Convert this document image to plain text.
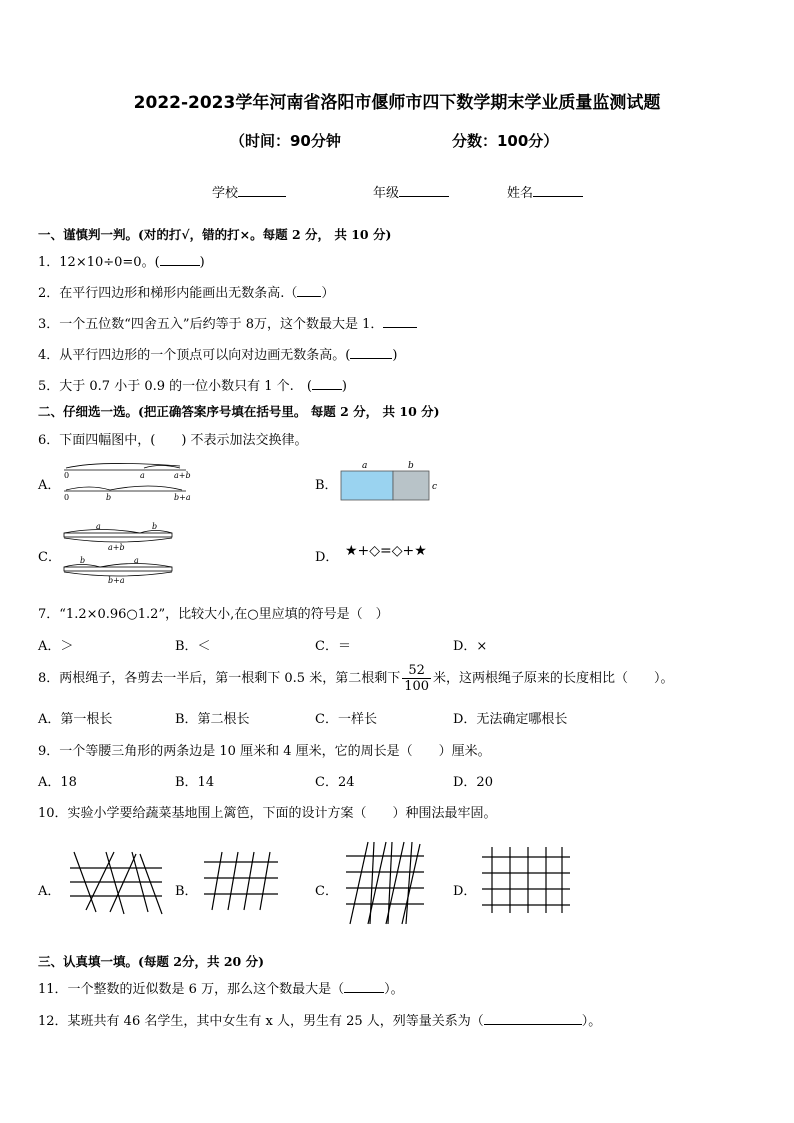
2022-2023学年河南省洛阳市偃师市四下数学期末学业质量监测试题
（时间：90分钟	分数：100分）
学校	年级	姓名
一、谨慎判一判。(对的打√，错的打×。每题 2 分， 共 10 分)
1．12×10÷0=0。(	)
2．在平行四边形和梯形内能画出无数条高.（ ）
3．一个五位数“四舍五入”后约等于 8万，这个数最大是 1．
4．从平行四边形的一个顶点可以向对边画无数条高。(	)
5．大于 0.7 小于 0.9 的一位小数只有 1 个.　( )
二、仔细选一选。(把正确答案序号填在括号里。 每题 2 分， 共 10 分)
6．下面四幅图中，(　　) 不表示加法交换律。
A．
0	a	a+b
0	b	b+a
B．
a	b
c
C．
a	b
a+b
b	a
b+a
D． ★+◇=◇+★
7．“1.2×0.96○1.2”，比较大小,在○里应填的符号是（　）
A．＞	B．＜	C．＝	D．×
8．两根绳子，各剪去一半后，第一根剩下 0.5 米，第二根剩下 $\frac{52}{100}$ 米，这两根绳子原来的长度相比（　　）。
A．第一根长	B．第二根长	C．一样长	D．无法确定哪根长
9．一个等腰三角形的两条边是 10 厘米和 4 厘米，它的周长是（　　）厘米。
A．18	B．14	C．24	D．20
10．实验小学要给蔬菜基地围上篱笆，下面的设计方案（　　）种围法最牢固。
A．	B．	C．	D．
三、认真填一填。(每题 2分，共 20 分)
11．一个整数的近似数是 6 万，那么这个数最大是（	）。
12．某班共有 46 名学生，其中女生有 x 人，男生有 25 人，列等量关系为（	）。
